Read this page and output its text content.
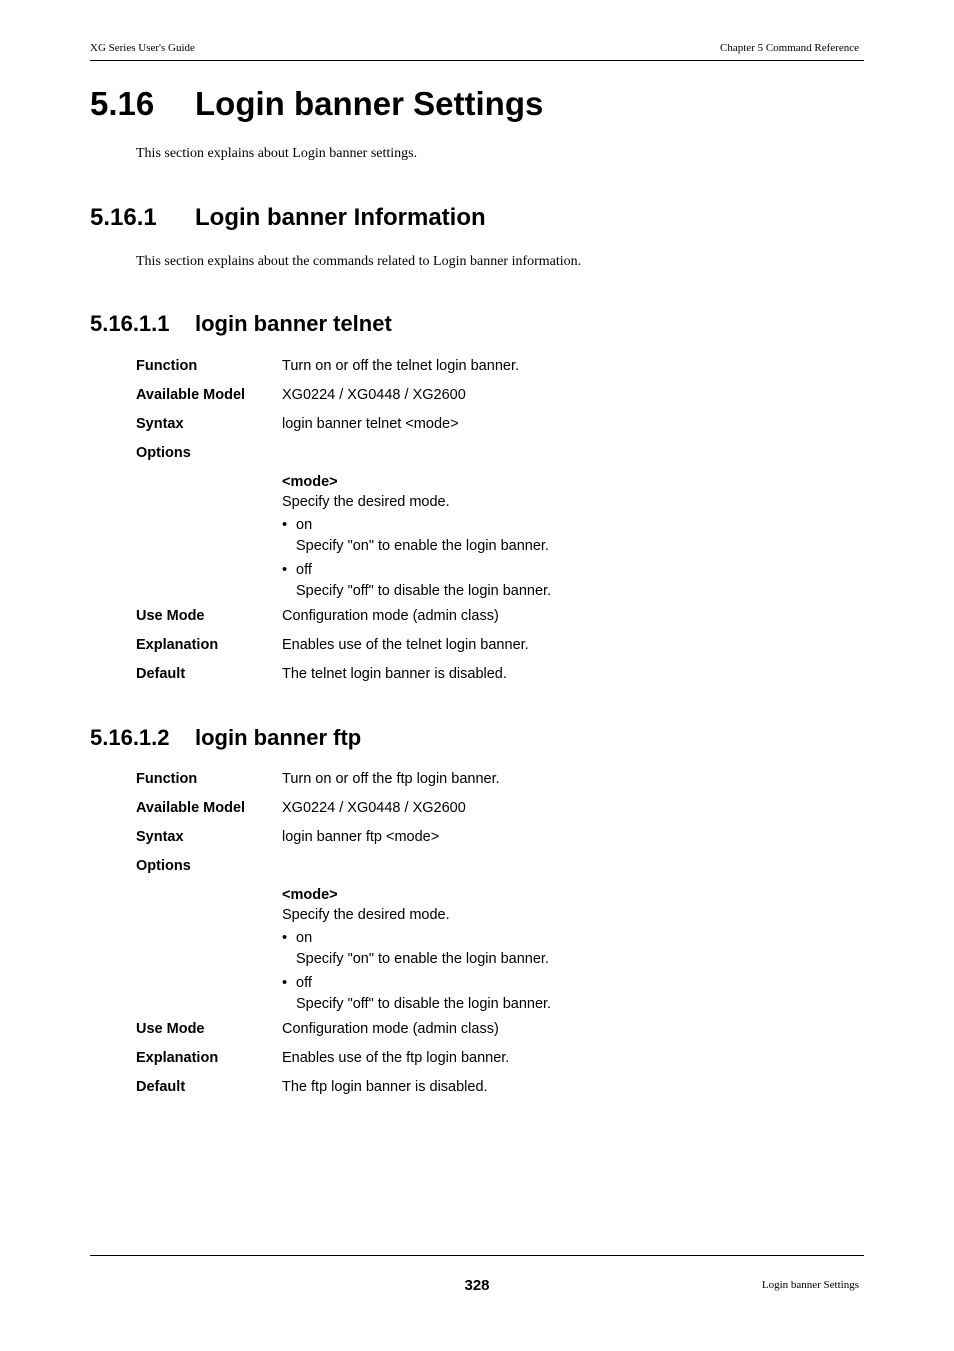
XG Series User's Guide	Chapter 5 Command Reference
5.16 Login banner Settings

This section explains about Login banner settings.

5.16.1 Login banner Information

This section explains about the commands related to Login banner information.

5.16.1.1 login banner telnet
Function	Turn on or off the telnet login banner.
Available Model	XG0224 / XG0448 / XG2600
Syntax	login banner telnet <mode>
Options
<mode>
Specify the desired mode.
• on
Specify "on" to enable the login banner.
• off
Specify "off" to disable the login banner.
Use Mode	Configuration mode (admin class)
Explanation	Enables use of the telnet login banner.
Default	The telnet login banner is disabled.
5.16.1.2 login banner ftp
Function	Turn on or off the ftp login banner.
Available Model	XG0224 / XG0448 / XG2600
Syntax	login banner ftp <mode>
Options
<mode>
Specify the desired mode.
• on
Specify "on" to enable the login banner.
• off
Specify "off" to disable the login banner.
Use Mode	Configuration mode (admin class)
Explanation	Enables use of the ftp login banner.
Default	The ftp login banner is disabled.
328	Login banner Settings
